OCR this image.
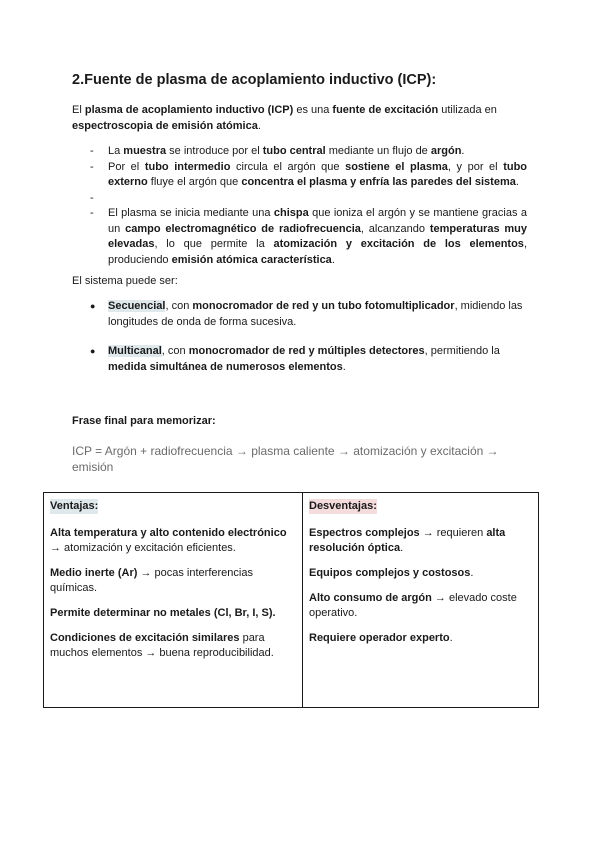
2.Fuente de plasma de acoplamiento inductivo (ICP):
El plasma de acoplamiento inductivo (ICP) es una fuente de excitación utilizada en espectroscopia de emisión atómica.
- La muestra se introduce por el tubo central mediante un flujo de argón.
- Por el tubo intermedio circula el argón que sostiene el plasma, y por el tubo externo fluye el argón que concentra el plasma y enfría las paredes del sistema.
-
- El plasma se inicia mediante una chispa que ioniza el argón y se mantiene gracias a un campo electromagnético de radiofrecuencia, alcanzando temperaturas muy elevadas, lo que permite la atomización y excitación de los elementos, produciendo emisión atómica característica.
El sistema puede ser:
● Secuencial, con monocromador de red y un tubo fotomultiplicador, midiendo las longitudes de onda de forma sucesiva.
● Multicanal, con monocromador de red y múltiples detectores, permitiendo la medida simultánea de numerosos elementos.
Frase final para memorizar:
ICP = Argón + radiofrecuencia → plasma caliente → atomización y excitación → emisión
Ventajas:

Alta temperatura y alto contenido electrónico → atomización y excitación eficientes.

Medio inerte (Ar) → pocas interferencias químicas.

Permite determinar no metales (Cl, Br, I, S).

Condiciones de excitación similares para muchos elementos → buena reproducibilidad.

Desventajas:

Espectros complejos → requieren alta resolución óptica.

Equipos complejos y costosos.

Alto consumo de argón → elevado coste operativo.

Requiere operador experto.
